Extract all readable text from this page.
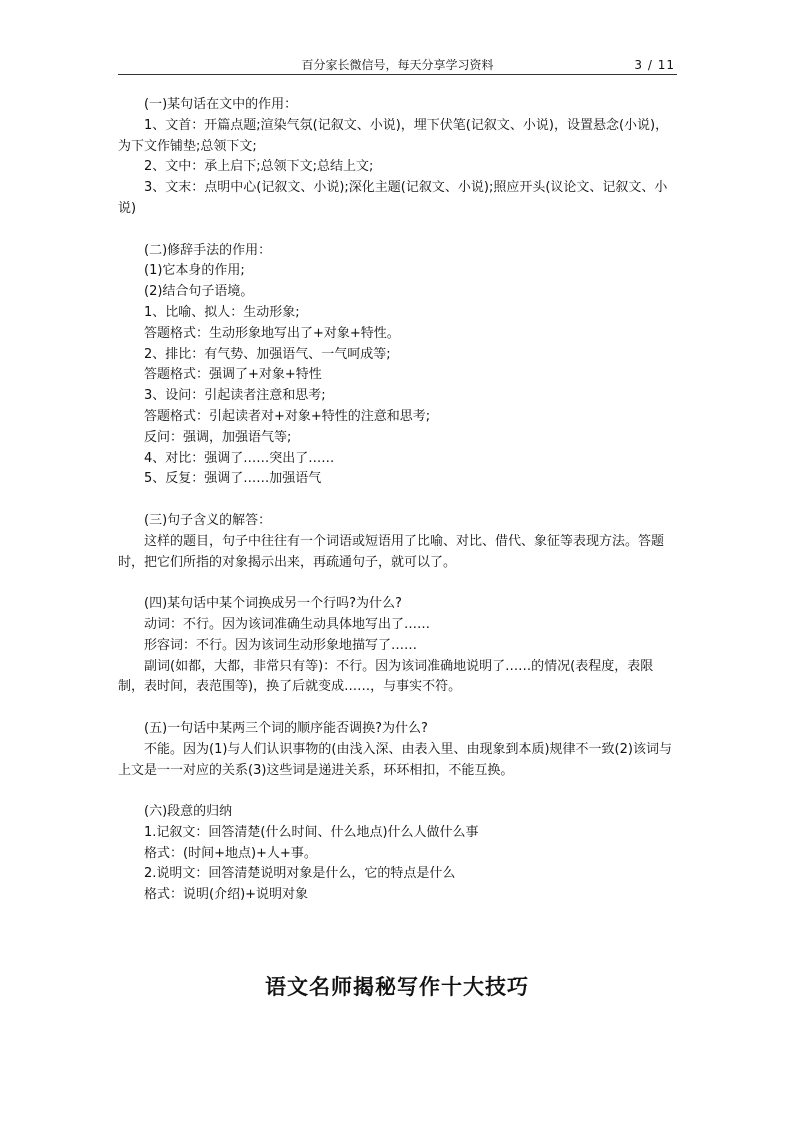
百分家长微信号，每天分享学习资料	3 / 11

(一)某句话在文中的作用：

1、文首：开篇点题;渲染气氛(记叙文、小说)，埋下伏笔(记叙文、小说)，设置悬念(小说)，为下文作铺垫;总领下文;

2、文中：承上启下;总领下文;总结上文;

3、文末：点明中心(记叙文、小说);深化主题(记叙文、小说);照应开头(议论文、记叙文、小说)

(二)修辞手法的作用：

(1)它本身的作用;

(2)结合句子语境。

1、比喻、拟人：生动形象;

答题格式：生动形象地写出了+对象+特性。

2、排比：有气势、加强语气、一气呵成等;

答题格式：强调了+对象+特性

3、设问：引起读者注意和思考;

答题格式：引起读者对+对象+特性的注意和思考;

反问：强调，加强语气等;

4、对比：强调了……突出了……

5、反复：强调了……加强语气

(三)句子含义的解答：

这样的题目，句子中往往有一个词语或短语用了比喻、对比、借代、象征等表现方法。答题时，把它们所指的对象揭示出来，再疏通句子，就可以了。

(四)某句话中某个词换成另一个行吗?为什么?

动词：不行。因为该词准确生动具体地写出了……

形容词：不行。因为该词生动形象地描写了……

副词(如都，大都，非常只有等)：不行。因为该词准确地说明了……的情况(表程度，表限制，表时间，表范围等)，换了后就变成……，与事实不符。

(五)一句话中某两三个词的顺序能否调换?为什么?

不能。因为(1)与人们认识事物的(由浅入深、由表入里、由现象到本质)规律不一致(2)该词与上文是一一对应的关系(3)这些词是递进关系，环环相扣，不能互换。

(六)段意的归纳

1.记叙文：回答清楚(什么时间、什么地点)什么人做什么事

格式：(时间+地点)+人+事。

2.说明文：回答清楚说明对象是什么，它的特点是什么

格式：说明(介绍)+说明对象

语文名师揭秘写作十大技巧
